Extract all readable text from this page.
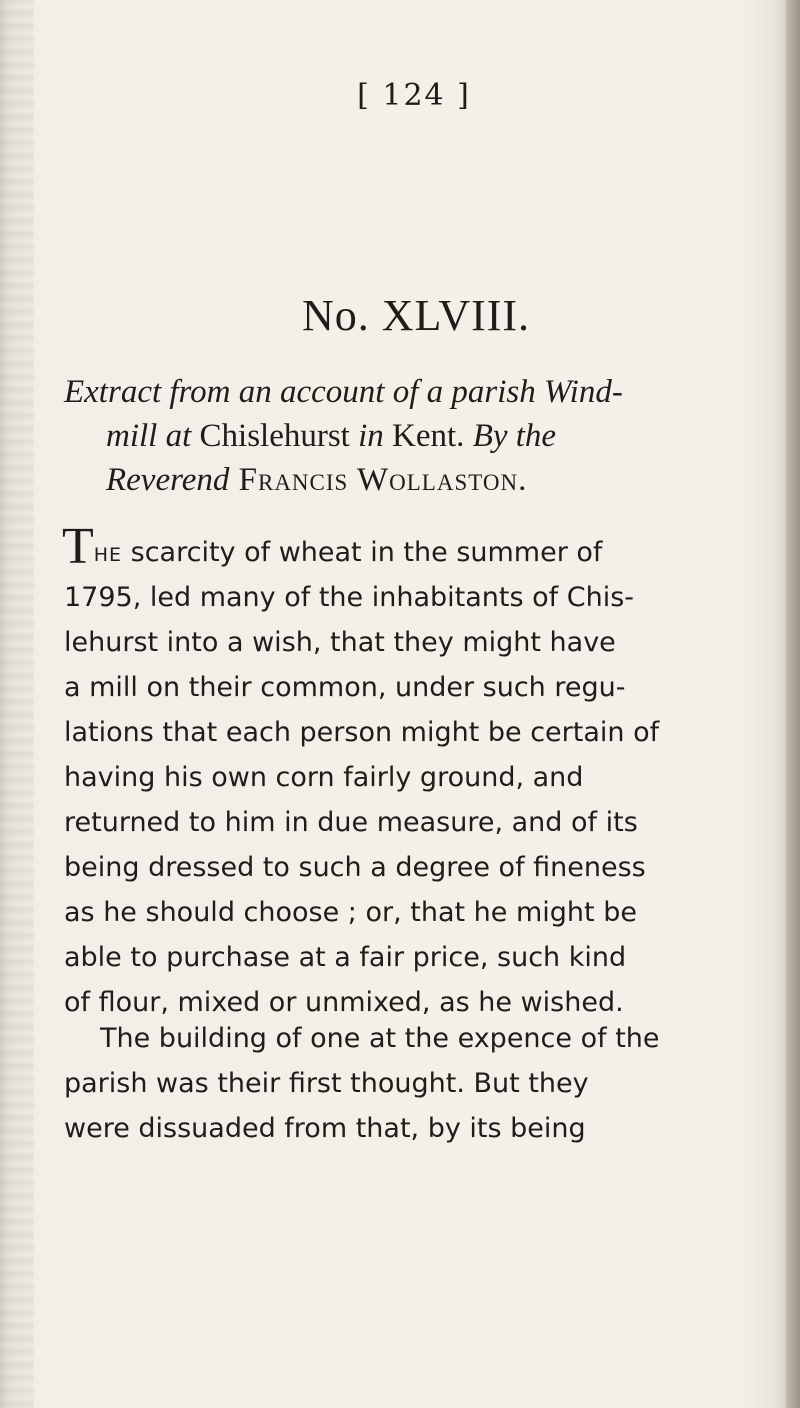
[ 124 ]
No. XLVIII.
Extract from an account of a parish Wind-
mill at Chislehurst in Kent. By the
Reverend Francis Wollaston.
The scarcity of wheat in the summer of
1795, led many of the inhabitants of Chis-
lehurst into a wish, that they might have
a mill on their common, under such regu-
lations that each person might be certain of
having his own corn fairly ground, and
returned to him in due measure, and of its
being dressed to such a degree of fineness
as he should choose ; or, that he might be
able to purchase at a fair price, such kind
of flour, mixed or unmixed, as he wished.
The building of one at the expence of the
parish was their first thought. But they
were dissuaded from that, by its being
